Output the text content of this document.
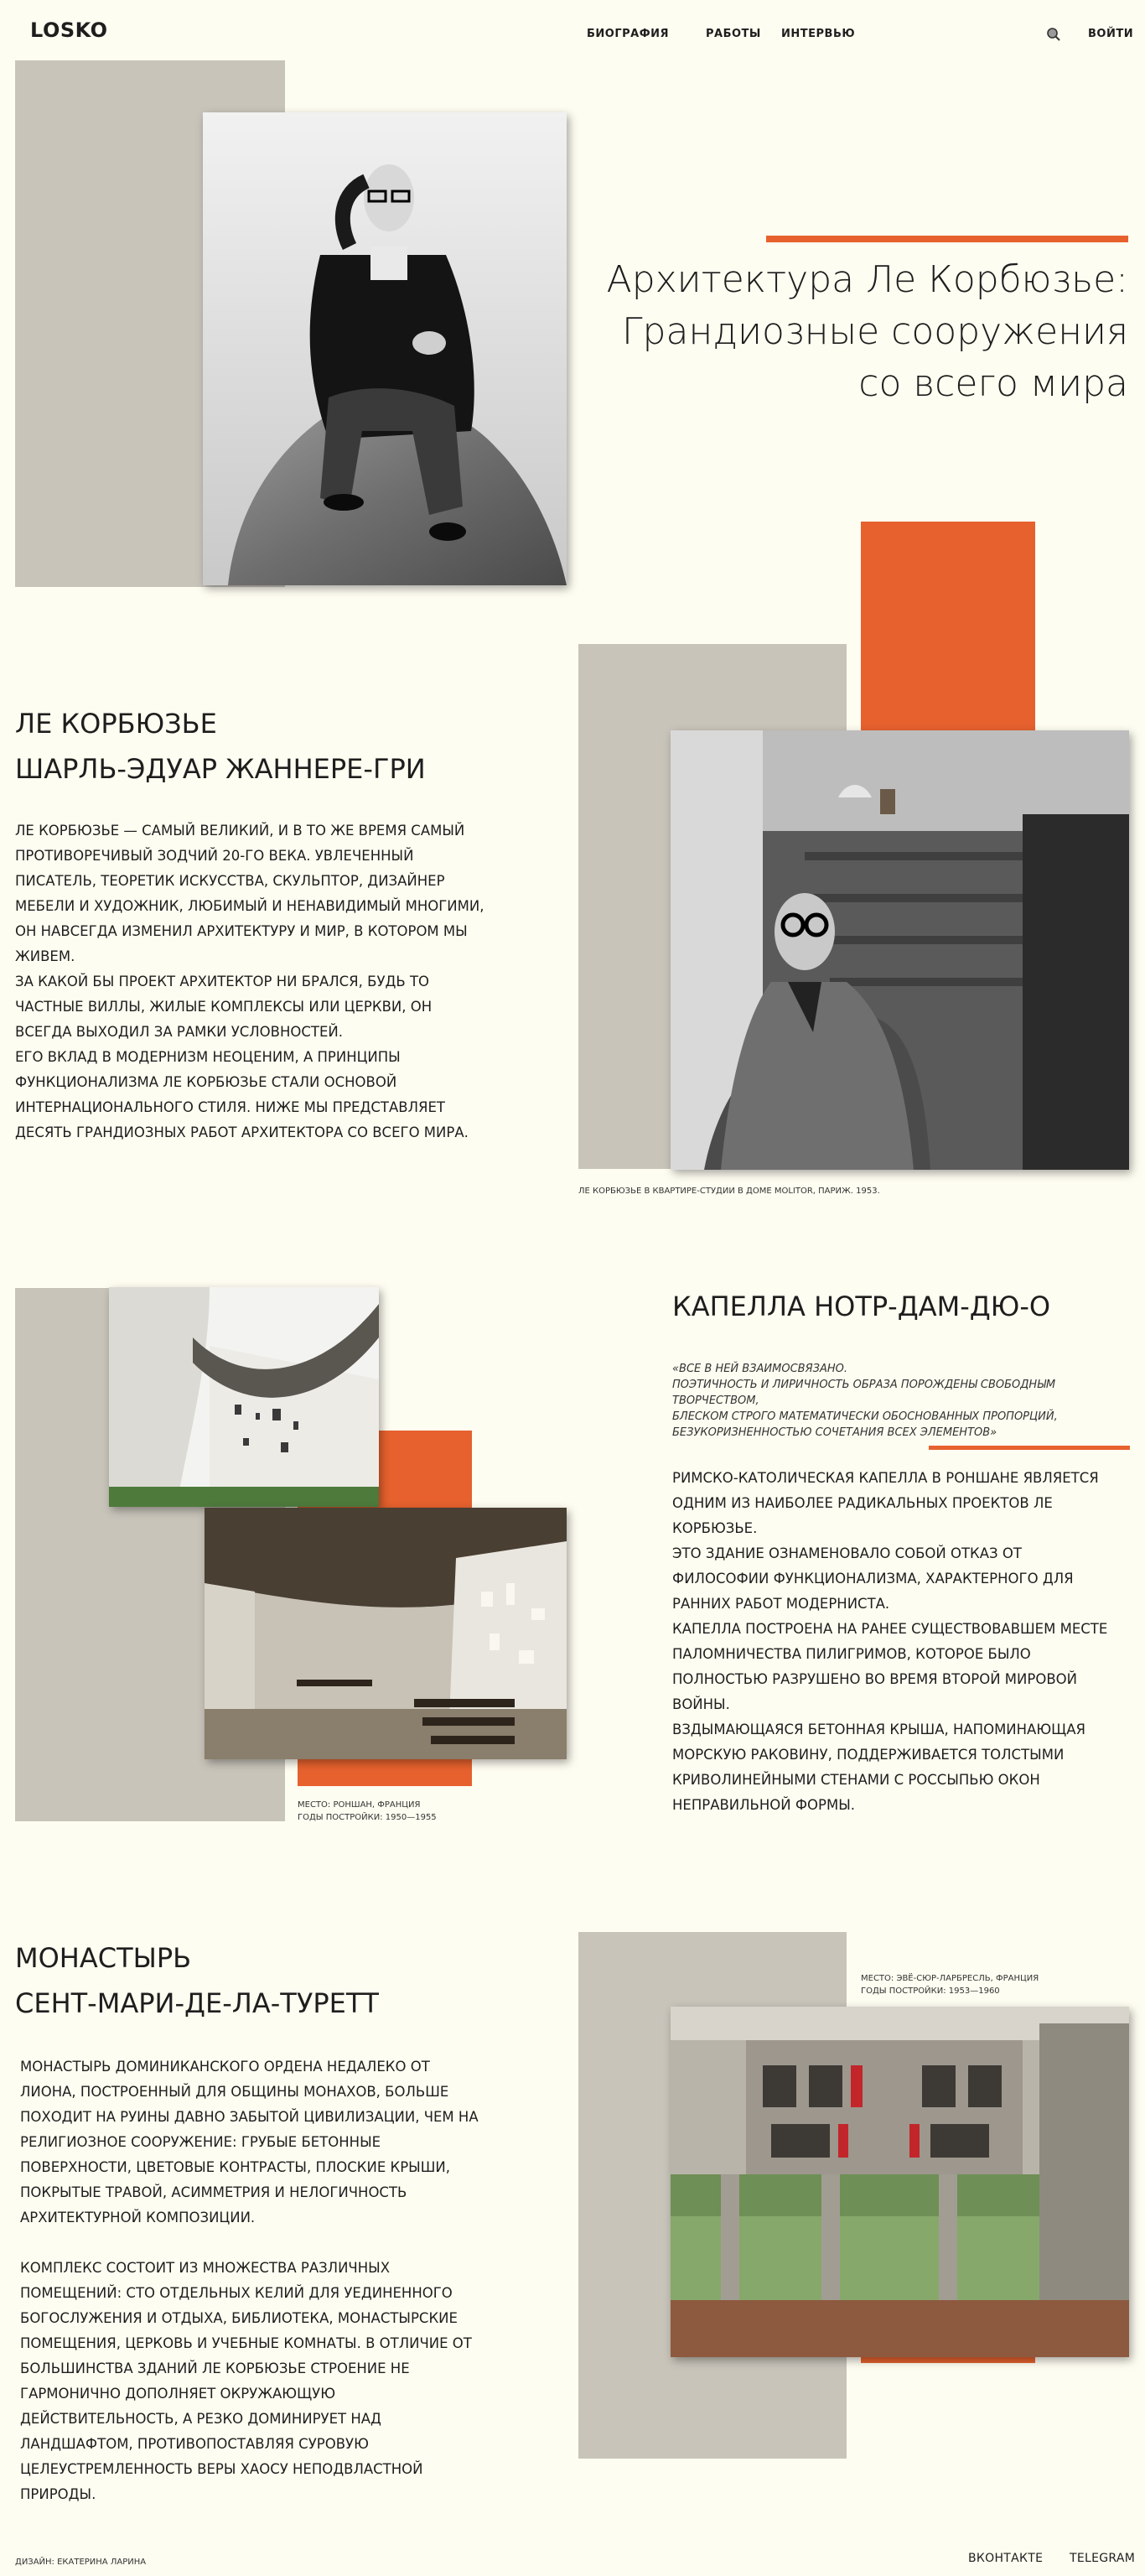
LOSKO	БИОГРАФИЯ	РАБОТЫ ИНТЕРВЬЮ	ВОЙТИ
Архитектура Ле Корбюзье:
Грандиозные сооружения
со всего мира
ЛЕ КОРБЮЗЬЕ
ШАРЛЬ-ЭДУАР ЖАННЕРЕ-ГРИ

ЛЕ КОРБЮЗЬЕ — САМЫЙ ВЕЛИКИЙ, И В ТО ЖЕ ВРЕМЯ САМЫЙ ПРОТИВОРЕЧИВЫЙ ЗОДЧИЙ 20-ГО ВЕКА. УВЛЕЧЕННЫЙ ПИСАТЕЛЬ, ТЕОРЕТИК ИСКУССТВА, СКУЛЬПТОР, ДИЗАЙНЕР МЕБЕЛИ И ХУДОЖНИК, ЛЮБИМЫЙ И НЕНАВИДИМЫЙ МНОГИМИ, ОН НАВСЕГДА ИЗМЕНИЛ АРХИТЕКТУРУ И МИР, В КОТОРОМ МЫ ЖИВЕМ.

ЗА КАКОЙ БЫ ПРОЕКТ АРХИТЕКТОР НИ БРАЛСЯ, БУДЬ ТО ЧАСТНЫЕ ВИЛЛЫ, ЖИЛЫЕ КОМПЛЕКСЫ ИЛИ ЦЕРКВИ, ОН ВСЕГДА ВЫХОДИЛ ЗА РАМКИ УСЛОВНОСТЕЙ.

ЕГО ВКЛАД В МОДЕРНИЗМ НЕОЦЕНИМ, А ПРИНЦИПЫ ФУНКЦИОНАЛИЗМА ЛЕ КОРБЮЗЬЕ СТАЛИ ОСНОВОЙ ИНТЕРНАЦИОНАЛЬНОГО СТИЛЯ. НИЖЕ МЫ ПРЕДСТАВЛЯЕТ ДЕСЯТЬ ГРАНДИОЗНЫХ РАБОТ АРХИТЕКТОРА СО ВСЕГО МИРА.

ЛЕ КОРБЮЗЬЕ В КВАРТИРЕ-СТУДИИ В ДОМЕ MOLITOR, ПАРИЖ. 1953.
МЕСТО: РОНШАН, ФРАНЦИЯ
ГОДЫ ПОСТРОЙКИ: 1950—1955
КАПЕЛЛА НОТР-ДАМ-ДЮ-О
«ВСЕ В НЕЙ ВЗАИМОСВЯЗАНО.
ПОЭТИЧНОСТЬ И ЛИРИЧНОСТЬ ОБРАЗА ПОРОЖДЕНЫ СВОБОДНЫМ ТВОРЧЕСТВОМ,
БЛЕСКОМ СТРОГО МАТЕМАТИЧЕСКИ ОБОСНОВАННЫХ ПРОПОРЦИЙ,
БЕЗУКОРИЗНЕННОСТЬЮ СОЧЕТАНИЯ ВСЕХ ЭЛЕМЕНТОВ»

РИМСКО-КАТОЛИЧЕСКАЯ КАПЕЛЛА В РОНШАНЕ ЯВЛЯЕТСЯ ОДНИМ ИЗ НАИБОЛЕЕ РАДИКАЛЬНЫХ ПРОЕКТОВ ЛЕ КОРБЮЗЬЕ.

ЭТО ЗДАНИЕ ОЗНАМЕНОВАЛО СОБОЙ ОТКАЗ ОТ ФИЛОСОФИИ ФУНКЦИОНАЛИЗМА, ХАРАКТЕРНОГО ДЛЯ РАННИХ РАБОТ МОДЕРНИСТА.

КАПЕЛЛА ПОСТРОЕНА НА РАНЕЕ СУЩЕСТВОВАВШЕМ МЕСТЕ ПАЛОМНИЧЕСТВА ПИЛИГРИМОВ, КОТОРОЕ БЫЛО ПОЛНОСТЬЮ РАЗРУШЕНО ВО ВРЕМЯ ВТОРОЙ МИРОВОЙ ВОЙНЫ.

ВЗДЫМАЮЩАЯСЯ БЕТОННАЯ КРЫША, НАПОМИНАЮЩАЯ МОРСКУЮ РАКОВИНУ, ПОДДЕРЖИВАЕТСЯ ТОЛСТЫМИ КРИВОЛИНЕЙНЫМИ СТЕНАМИ С РОССЫПЬЮ ОКОН НЕПРАВИЛЬНОЙ ФОРМЫ.

МОНАСТЫРЬ
СЕНТ-МАРИ-ДЕ-ЛА-ТУРЕТТ

МОНАСТЫРЬ ДОМИНИКАНСКОГО ОРДЕНА НЕДАЛЕКО ОТ ЛИОНА, ПОСТРОЕННЫЙ ДЛЯ ОБЩИНЫ МОНАХОВ, БОЛЬШЕ ПОХОДИТ НА РУИНЫ ДАВНО ЗАБЫТОЙ ЦИВИЛИЗАЦИИ, ЧЕМ НА РЕЛИГИОЗНОЕ СООРУЖЕНИЕ: ГРУБЫЕ БЕТОННЫЕ ПОВЕРХНОСТИ, ЦВЕТОВЫЕ КОНТРАСТЫ, ПЛОСКИЕ КРЫШИ, ПОКРЫТЫЕ ТРАВОЙ, АСИММЕТРИЯ И НЕЛОГИЧНОСТЬ АРХИТЕКТУРНОЙ КОМПОЗИЦИИ.

КОМПЛЕКС СОСТОИТ ИЗ МНОЖЕСТВА РАЗЛИЧНЫХ ПОМЕЩЕНИЙ: СТО ОТДЕЛЬНЫХ КЕЛИЙ ДЛЯ УЕДИНЕННОГО БОГОСЛУЖЕНИЯ И ОТДЫХА, БИБЛИОТЕКА, МОНАСТЫРСКИЕ ПОМЕЩЕНИЯ, ЦЕРКОВЬ И УЧЕБНЫЕ КОМНАТЫ. В ОТЛИЧИЕ ОТ БОЛЬШИНСТВА ЗДАНИЙ ЛЕ КОРБЮЗЬЕ СТРОЕНИЕ НЕ ГАРМОНИЧНО ДОПОЛНЯЕТ ОКРУЖАЮЩУЮ ДЕЙСТВИТЕЛЬНОСТЬ, А РЕЗКО ДОМИНИРУЕТ НАД ЛАНДШАФТОМ, ПРОТИВОПОСТАВЛЯЯ СУРОВУЮ ЦЕЛЕУСТРЕМЛЕННОСТЬ ВЕРЫ ХАОСУ НЕПОДВЛАСТНОЙ ПРИРОДЫ.

МЕСТО: ЭВЁ-СЮР-ЛАРБРЕСЛЬ, ФРАНЦИЯ
ГОДЫ ПОСТРОЙКИ: 1953—1960
ДИЗАЙН: ЕКАТЕРИНА ЛАРИНА	ВКОНТАКТЕ TELEGRAM
